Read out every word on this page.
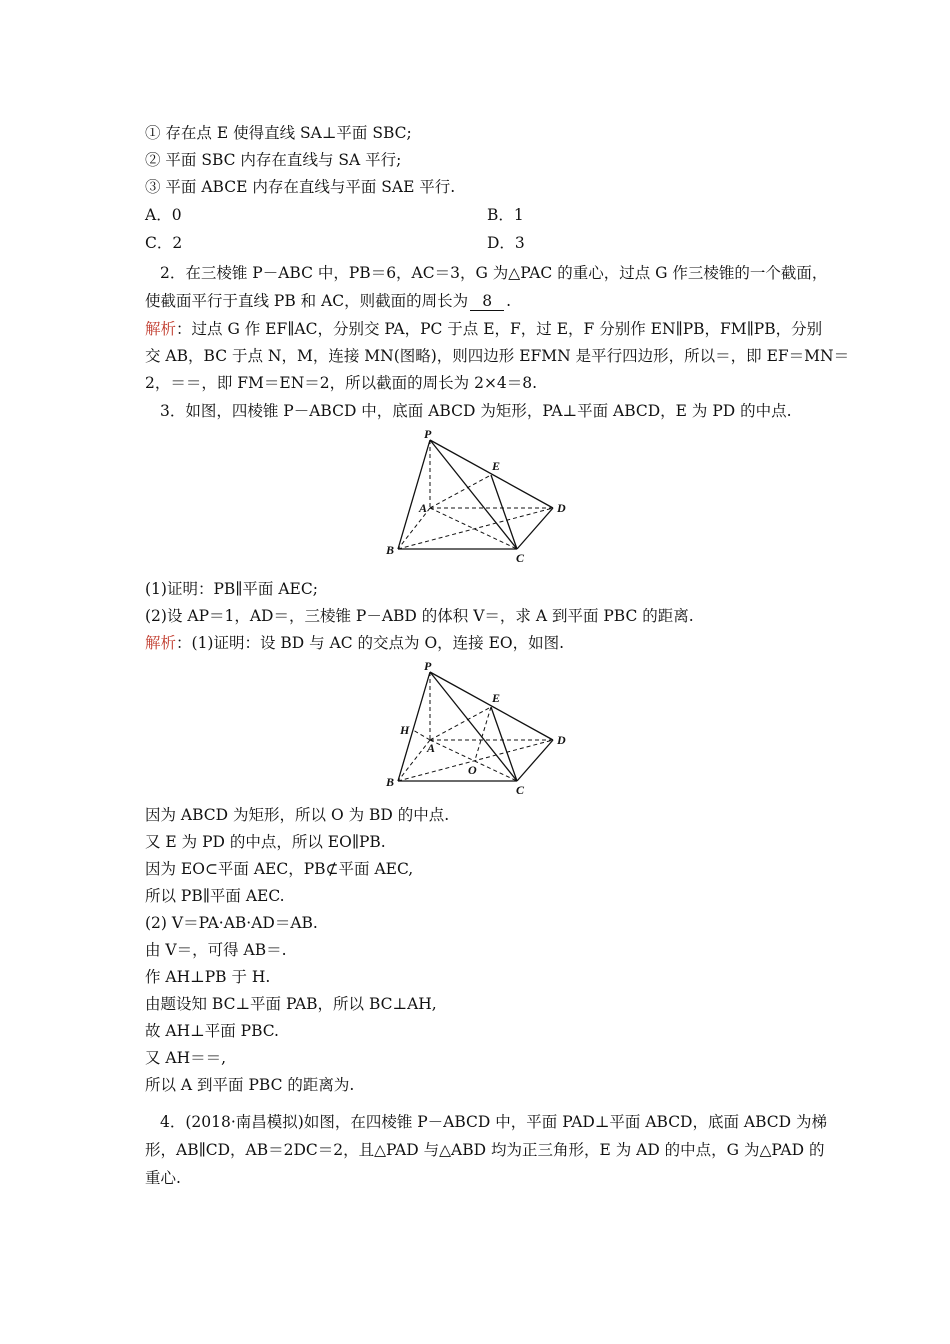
① 存在点 E 使得直线 SA⊥平面 SBC;
② 平面 SBC 内存在直线与 SA 平行;
③ 平面 ABCE 内存在直线与平面 SAE 平行.
A．0	B．1
C．2	D．3
2．在三棱锥 P－ABC 中，PB＝6，AC＝3，G 为△PAC 的重心，过点 G 作三棱锥的一个截面，
使截面平行于直线 PB 和 AC，则截面的周长为 8 .
解析：过点 G 作 EF∥AC，分别交 PA，PC 于点 E，F，过 E，F 分别作 EN∥PB，FM∥PB，分别
交 AB，BC 于点 N，M，连接 MN(图略)，则四边形 EFMN 是平行四边形，所以＝，即 EF＝MN＝
2，＝＝，即 FM＝EN＝2，所以截面的周长为 2×4＝8.
3．如图，四棱锥 P－ABCD 中，底面 ABCD 为矩形，PA⊥平面 ABCD，E 为 PD 的中点.
P
E
A	D
B
C
(1)证明：PB∥平面 AEC;
(2)设 AP＝1，AD＝，三棱锥 P－ABD 的体积 V＝，求 A 到平面 PBC 的距离.
解析：(1)证明：设 BD 与 AC 的交点为 O，连接 EO，如图.
P
E
H
A
D
O
B
C
因为 ABCD 为矩形，所以 O 为 BD 的中点.
又 E 为 PD 的中点，所以 EO∥PB.
因为 EO⊂平面 AEC，PB⊄平面 AEC,
所以 PB∥平面 AEC.
(2) V＝PA·AB·AD＝AB.
由 V＝，可得 AB＝.
作 AH⊥PB 于 H.
由题设知 BC⊥平面 PAB，所以 BC⊥AH,
故 AH⊥平面 PBC.
又 AH＝＝,
所以 A 到平面 PBC 的距离为.
4．(2018·南昌模拟)如图，在四棱锥 P－ABCD 中，平面 PAD⊥平面 ABCD，底面 ABCD 为梯
形，AB∥CD，AB＝2DC＝2，且△PAD 与△ABD 均为正三角形，E 为 AD 的中点，G 为△PAD 的
重心.
